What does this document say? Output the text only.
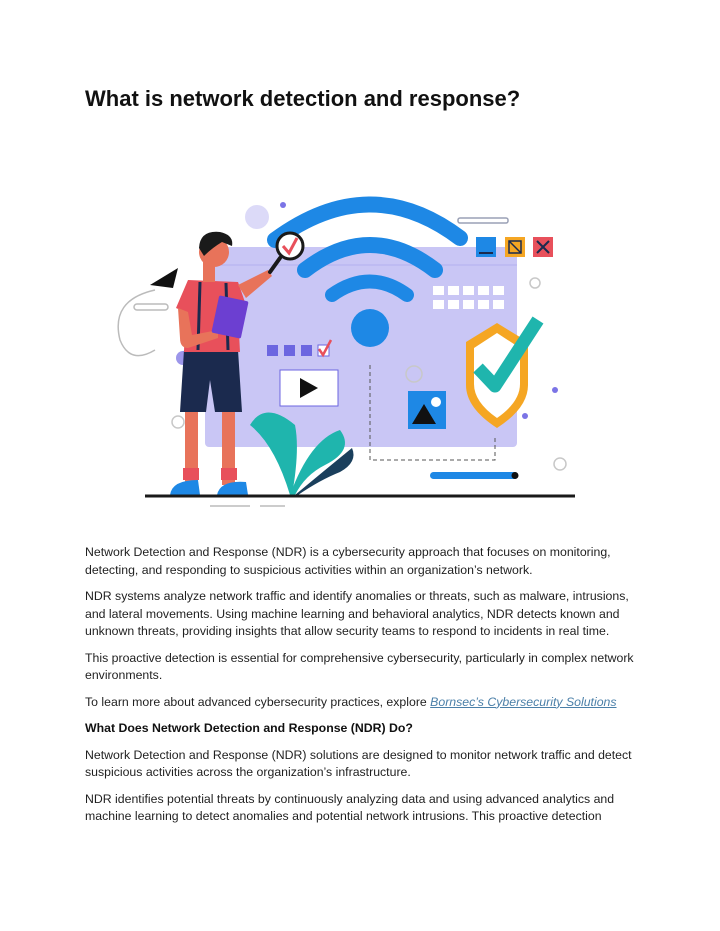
What is network detection and response?

Network Detection and Response (NDR) is a cybersecurity approach that focuses on monitoring, detecting, and responding to suspicious activities within an organization’s network.

NDR systems analyze network traffic and identify anomalies or threats, such as malware, intrusions, and lateral movements. Using machine learning and behavioral analytics, NDR detects known and unknown threats, providing insights that allow security teams to respond to incidents in real time.

This proactive detection is essential for comprehensive cybersecurity, particularly in complex network environments.

To learn more about advanced cybersecurity practices, explore Bornsec’s Cybersecurity Solutions

What Does Network Detection and Response (NDR) Do?

Network Detection and Response (NDR) solutions are designed to monitor network traffic and detect suspicious activities across the organization’s infrastructure.

NDR identifies potential threats by continuously analyzing data and using advanced analytics and machine learning to detect anomalies and potential network intrusions. This proactive detection
